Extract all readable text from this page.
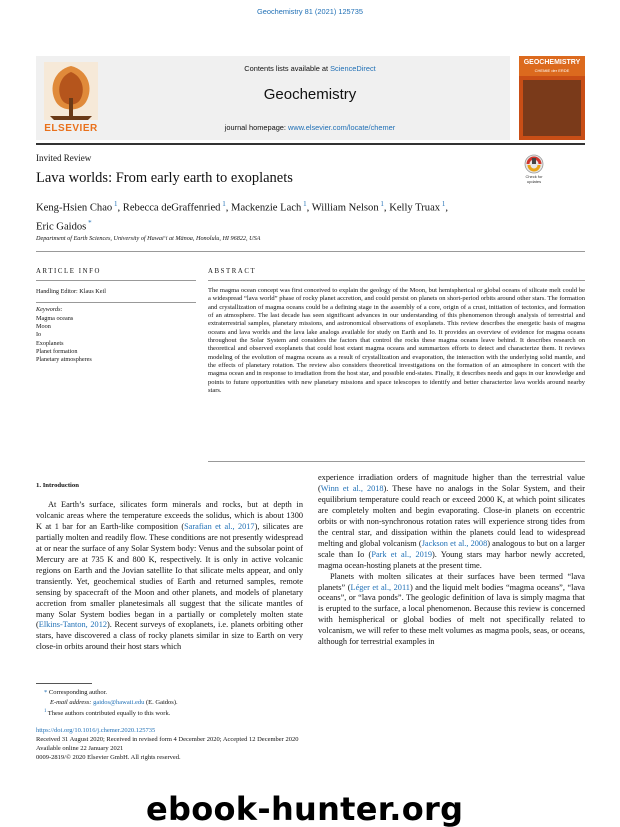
Geochemistry 81 (2021) 125735
ELSEVIER
Contents lists available at ScienceDirect
Geochemistry
journal homepage: www.elsevier.com/locate/chemer
GEOCHEMISTRY
CHEMIE der ERDE
Invited Review
Lava worlds: From early earth to exoplanets	Check for
updates
Keng-Hsien Chao $^1$, Rebecca deGraffenried $^1$, Mackenzie Lach $^1$, William Nelson $^1$, Kelly Truax $^1$,
Eric Gaidos *
Department of Earth Sciences, University of Hawaiʻi at Mānoa, Honolulu, HI 96822, USA
ARTICLE INFO	ABSTRACT
Handling Editor: Klaus Keil
Keywords:
Magma oceans
Moon
Io
Exoplanets
Planet formation
Planetary atmospheres
The magma ocean concept was first conceived to explain the geology of the Moon, but hemispherical or global oceans of silicate melt could be a widespread “lava world” phase of rocky planet accretion, and could persist on planets on short-period orbits around other stars. The formation and crystallization of magma oceans could be a defining stage in the assembly of a core, origin of a crust, initiation of tectonics, and formation of an atmosphere. The last decade has seen significant advances in our understanding of this phenomenon through analysis of terrestrial and extraterrestrial samples, planetary missions, and astronomical observations of exoplanets. This review describes the energetic basis of magma oceans and lava worlds and the lava lake analogs available for study on Earth and Io. It provides an overview of evidence for magma oceans throughout the Solar System and considers the factors that control the rocks these magma oceans leave behind. It describes research on theoretical and observed exoplanets that could host extant magma oceans and summarizes efforts to detect and characterize them. It reviews modeling of the evolution of magma oceans as a result of crystallization and evaporation, the interaction with the underlying solid mantle, and the effects of planetary rotation. The review also considers theoretical investigations on the formation of an atmosphere in concert with the magma ocean and in response to irradiation from the host star, and possible end-states. Finally, it describes needs and gaps in our knowledge and points to future opportunities with new planetary missions and space telescopes to identify and better characterize lava worlds around nearby stars.
1. Introduction

At Earth’s surface, silicates form minerals and rocks, but at depth in volcanic areas where the temperature exceeds the solidus, which is about 1300 K at 1 bar for an Earth-like composition (Sarafian et al., 2017), silicates are partially molten and readily flow. These conditions are not presently widespread at or near the surface of any Solar System body: Venus and the subsolar point of Mercury are at 735 K and 800 K, respectively. It is only in active volcanic regions on Earth and the Jovian satellite Io that silicate melts appear, and only transiently. Yet, geochemical studies of Earth and returned samples, remote sensing by spacecraft of the Moon and other planets, and models of planetary accretion from smaller planetesimals all suggest that the silicate mantles of many Solar System bodies began in a partially or completely molten state (Elkins-Tanton, 2012). Recent surveys of exoplanets, i.e. planets orbiting other stars, have discovered a class of rocky planets similar in size to Earth on very close-in orbits around their host stars which

experience irradiation orders of magnitude higher than the terrestrial value (Winn et al., 2018). These have no analogs in the Solar System, and their equilibrium temperature could reach or exceed 2000 K, at which point silicates are completely molten and begin evaporating. Close-in planets on eccentric orbits or with non-synchronous rotation rates will experience strong tides from the central star, and dissipation within the planets could lead to widespread melting and global volcanism (Jackson et al., 2008) analogous to but on a larger scale than Io (Park et al., 2019). Young stars may harbor newly accreted, magma ocean-hosting planets at the present time.

Planets with molten silicates at their surfaces have been termed “lava planets” (Léger et al., 2011) and the liquid melt bodies “magma oceans”, “lava oceans”, or “lava ponds”. The geologic definition of lava is simply magma that is erupted to the surface, a local phenomenon. Because this review is concerned with hemispherical or global bodies of melt not specifically related to volcanism, we will refer to these melt volumes as magma pools, seas, or oceans, although for terrestrial examples in

* Corresponding author.
E-mail address: gaidos@hawaii.edu (E. Gaidos).
$^1$ These authors contributed equally to this work.
https://doi.org/10.1016/j.chemer.2020.125735
Received 31 August 2020; Received in revised form 4 December 2020; Accepted 12 December 2020
Available online 22 January 2021
0009-2819/© 2020 Elsevier GmbH. All rights reserved.
ebook-hunter.org
